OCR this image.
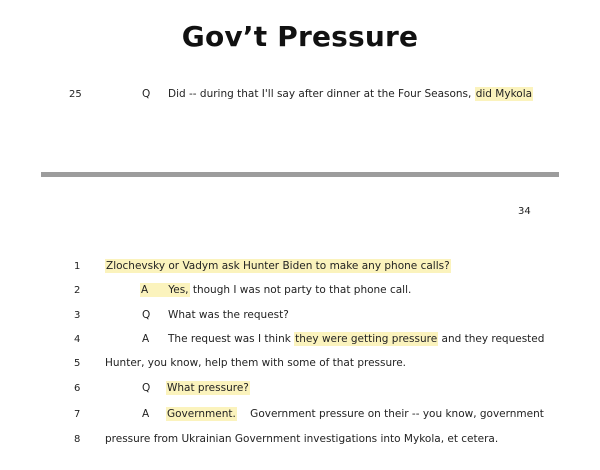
Gov’t Pressure
25	Q Did -- during that I'll say after dinner at the Four Seasons, did Mykola
34
1 Zlochevsky or Vadym ask Hunter Biden to make any phone calls?
2	A Yes, though I was not party to that phone call.
3	Q What was the request?
4	A The request was I think they were getting pressure and they requested
5 Hunter, you know, help them with some of that pressure.
6	Q What pressure?
7	A Government.    Government pressure on their -- you know, government
8 pressure from Ukrainian Government investigations into Mykola, et cetera.
